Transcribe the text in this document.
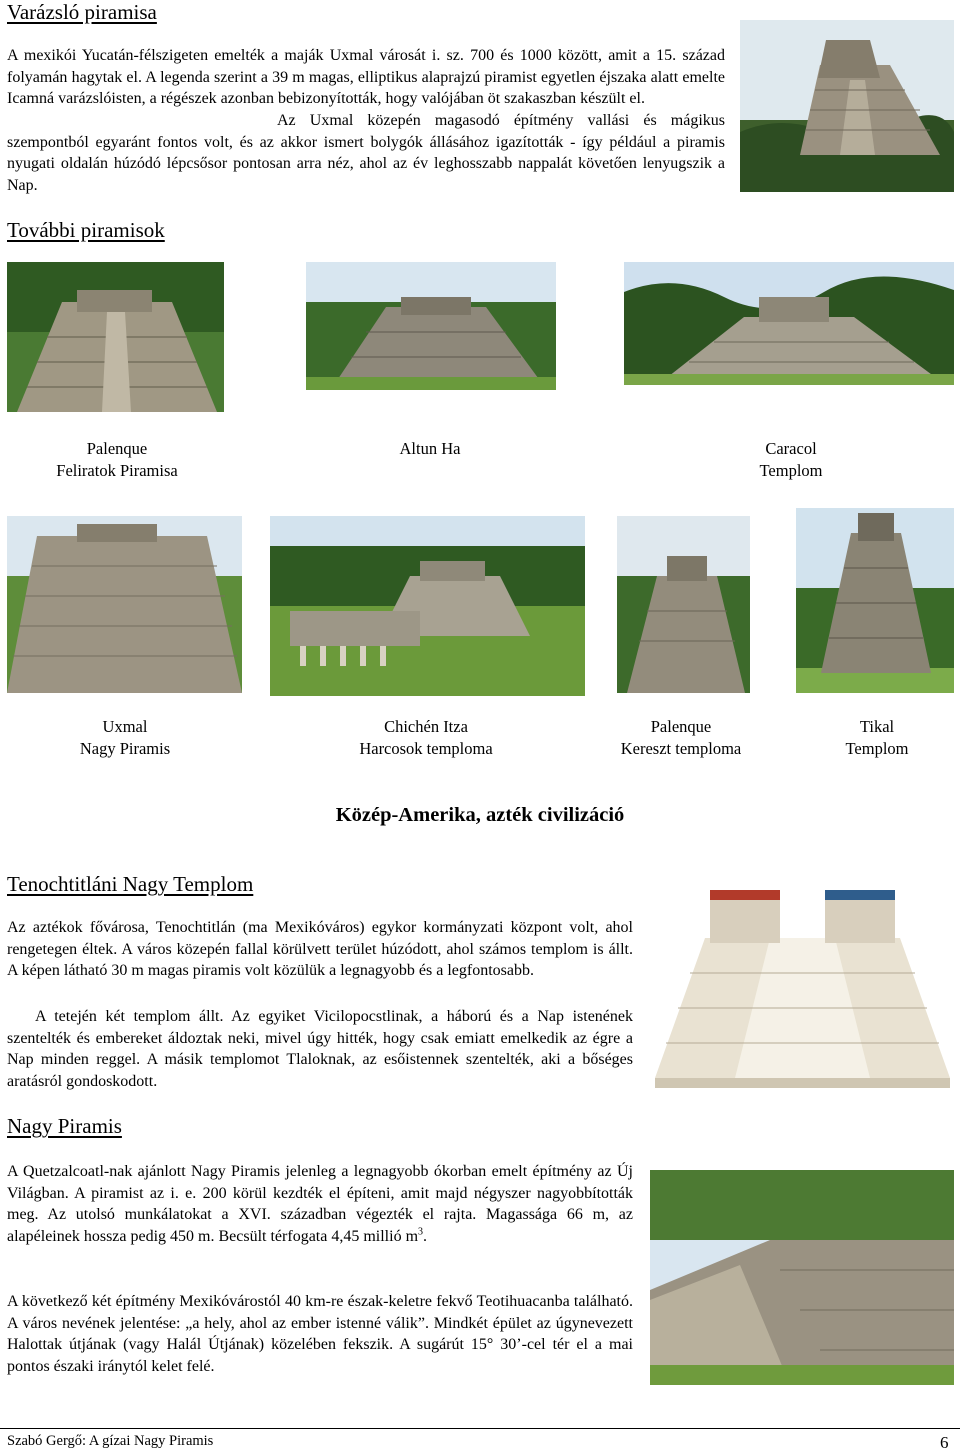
Varázsló piramisa
A mexikói Yucatán-félszigeten emelték a maják Uxmal városát i. sz. 700 és 1000 között, amit a 15. század folyamán hagytak el. A legenda szerint a 39 m magas, elliptikus alaprajzú piramist egyetlen éjszaka alatt emelte Icamná varázslóisten, a régészek azonban bebizonyították, hogy valójában öt szakaszban készült el.
Az Uxmal közepén magasodó építmény vallási és mágikus szempontból egyaránt fontos volt, és az akkor ismert bolygók állásához igazították - így például a piramis nyugati oldalán húzódó lépcsősor pontosan arra néz, ahol az év leghosszabb nappalát követően lenyugszik a Nap.
További piramisok
Palenque
Feliratok Piramisa
Altun Ha	Caracol
Templom
Uxmal
Nagy Piramis
Chichén Itza
Harcosok temploma
Palenque
Kereszt temploma
Tikal
Templom
Közép-Amerika, azték civilizáció
Tenochtitláni Nagy Templom
Az aztékok fővárosa, Tenochtitlán (ma Mexikóváros) egykor kormányzati központ volt, ahol rengetegen éltek. A város közepén fallal körülvett terület húzódott, ahol számos templom is állt. A képen látható 30 m magas piramis volt közülük a legnagyobb és a legfontosabb.
A tetején két templom állt. Az egyiket Vicilopocstlinak, a háború és a Nap istenének szentelték és embereket áldoztak neki, mivel úgy hitték, hogy csak emiatt emelkedik az égre a Nap minden reggel. A másik templomot Tlaloknak, az esőistennek szentelték, aki a bőséges aratásról gondoskodott.
Nagy Piramis
A Quetzalcoatl-nak ajánlott Nagy Piramis jelenleg a legnagyobb ókorban emelt építmény az Új Világban. A piramist az i. e. 200 körül kezdték el építeni, amit majd négyszer nagyobbították meg. Az utolsó munkálatokat a XVI. században végezték el rajta. Magassága 66 m, az alapéleinek hossza pedig 450 m. Becsült térfogata 4,45 millió $m^3$.
A következő két építmény Mexikóvárostól 40 km-re észak-keletre fekvő Teotihuacanba található. A város nevének jelentése: „a hely, ahol az ember istenné válik”. Mindkét épület az úgynevezett Halottak útjának (vagy Halál Útjának) közelében fekszik. A sugárút 15° 30’-cel tér el a mai pontos északi iránytól kelet felé.
Szabó Gergő: A gízai Nagy Piramis	6
